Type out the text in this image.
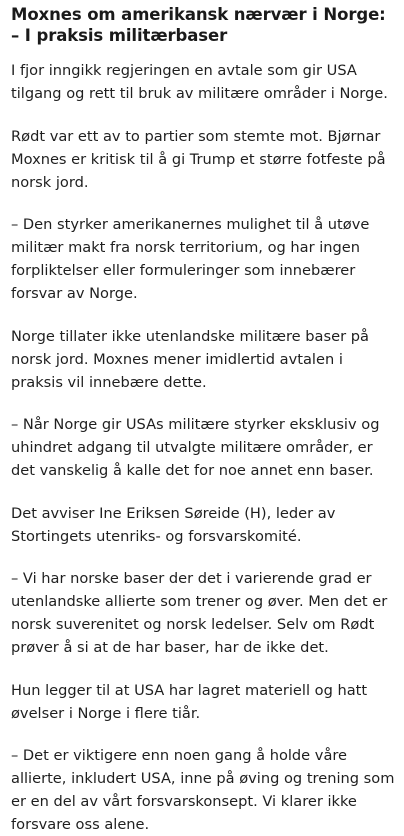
Moxnes om amerikansk nærvær i Norge: – I praksis militærbaser

I fjor inngikk regjeringen en avtale som gir USA tilgang og rett til bruk av militære områder i Norge.

Rødt var ett av to partier som stemte mot. Bjørnar Moxnes er kritisk til å gi Trump et større fotfeste på norsk jord.

– Den styrker amerikanernes mulighet til å utøve militær makt fra norsk territorium, og har ingen forpliktelser eller formuleringer som innebærer forsvar av Norge.

Norge tillater ikke utenlandske militære baser på norsk jord. Moxnes mener imidlertid avtalen i praksis vil innebære dette.

– Når Norge gir USAs militære styrker eksklusiv og uhindret adgang til utvalgte militære områder, er det vanskelig å kalle det for noe annet enn baser.

Det avviser Ine Eriksen Søreide (H), leder av Stortingets utenriks- og forsvarskomité.

– Vi har norske baser der det i varierende grad er utenlandske allierte som trener og øver. Men det er norsk suverenitet og norsk ledelser. Selv om Rødt prøver å si at de har baser, har de ikke det.

Hun legger til at USA har lagret materiell og hatt øvelser i Norge i flere tiår.

– Det er viktigere enn noen gang å holde våre allierte, inkludert USA, inne på øving og trening som er en del av vårt forsvarskonsept. Vi klarer ikke forsvare oss alene.
